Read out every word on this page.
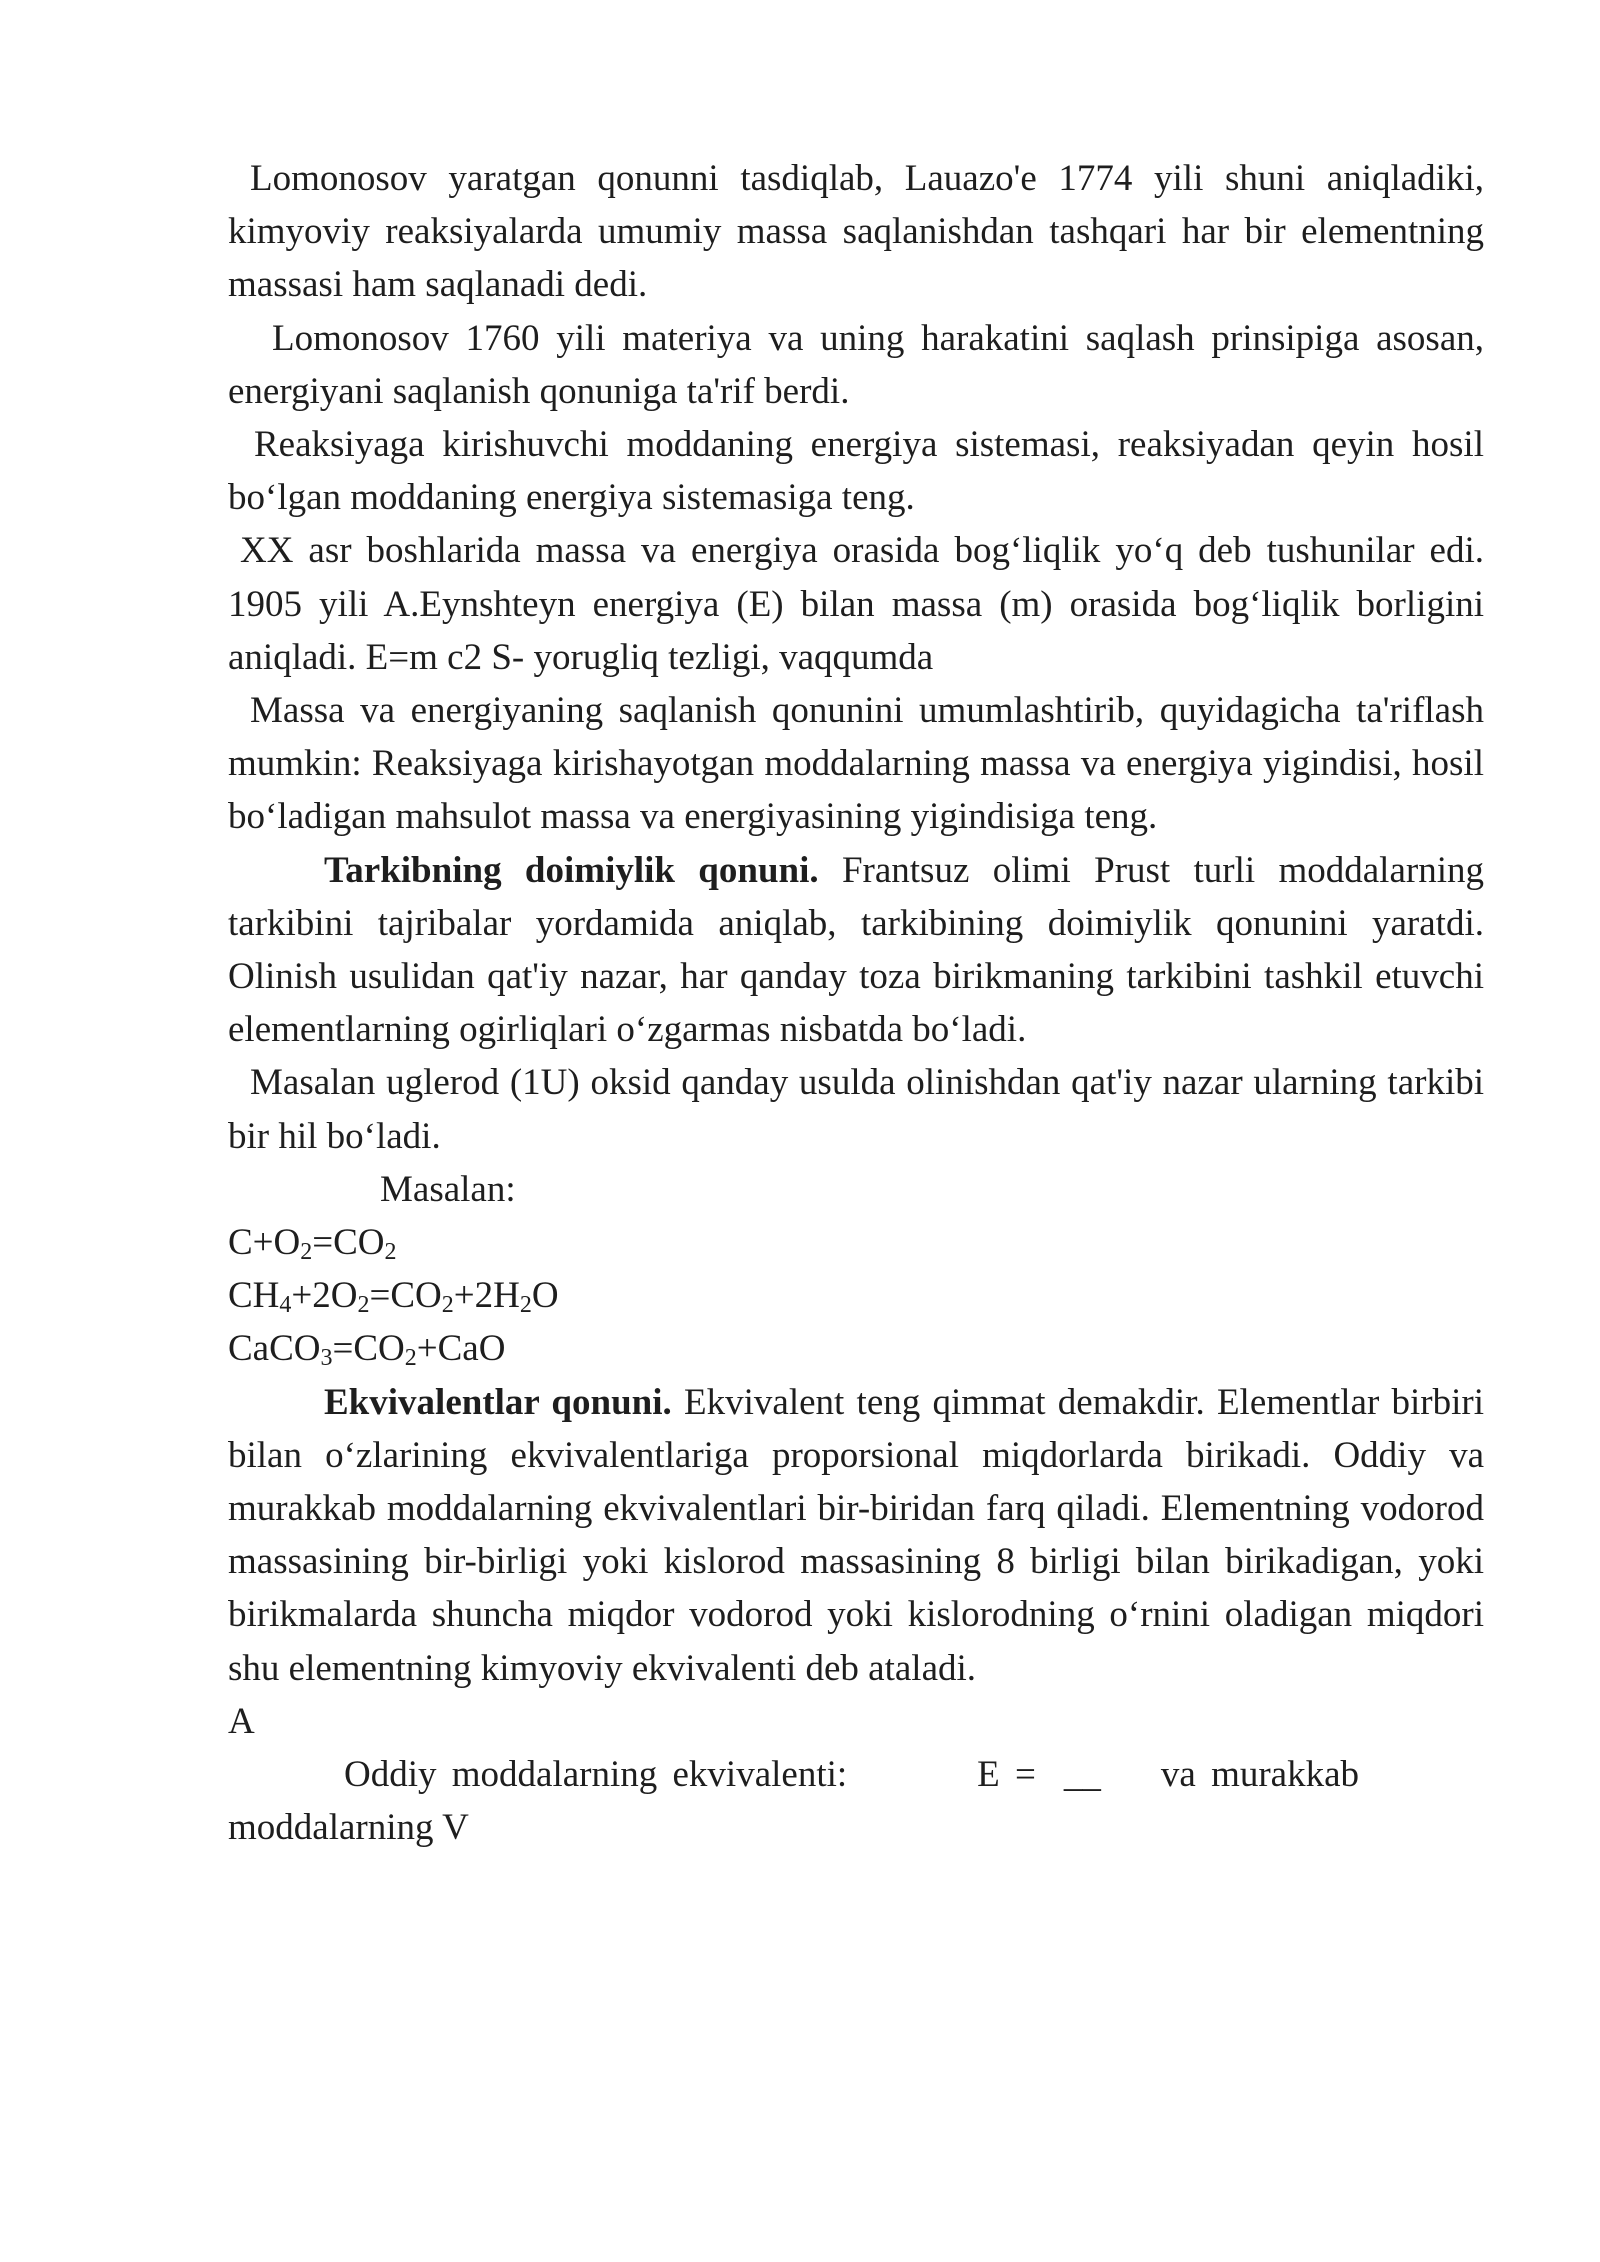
Lomonosov yaratgan qonunni tasdiqlab, Lauazo'e 1774 yili shuni aniqladiki, kimyoviy reaksiyalarda umumiy massa saqlanishdan tashqari har bir elementning massasi ham saqlanadi dedi.

Lomonosov 1760 yili materiya va uning harakatini saqlash prinsipiga asosan, energiyani saqlanish qonuniga ta'rif berdi.

Reaksiyaga kirishuvchi moddaning energiya sistemasi, reaksiyadan qeyin hosil boʻlgan moddaning energiya sistemasiga teng.

XX asr boshlarida massa va energiya orasida bogʻliqlik yoʻq deb tushunilar edi. 1905 yili A.Eynshteyn energiya (E) bilan massa (m) orasida bogʻliqlik borligini aniqladi. E=m c2 S- yorugliq tezligi, vaqqumda

Massa va energiyaning saqlanish qonunini umumlashtirib, quyidagicha ta'riflash mumkin: Reaksiyaga kirishayotgan moddalarning massa va energiya yigindisi, hosil boʻladigan mahsulot massa va energiyasining yigindisiga teng.

Tarkibning doimiylik qonuni. Frantsuz olimi Prust turli moddalarning tarkibini tajribalar yordamida aniqlab, tarkibining doimiylik qonunini yaratdi. Olinish usulidan qat'iy nazar, har qanday toza birikmaning tarkibini tashkil etuvchi elementlarning ogirliqlari oʻzgarmas nisbatda boʻladi.

Masalan uglerod (1U) oksid qanday usulda olinishdan qat'iy nazar ularning tarkibi bir hil boʻladi.

Masalan:

$C+O_2=CO_2$

$CH_4+2O_2=CO_2+2H_2O$

$CaCO_3=CO_2+CaO$

Ekvivalentlar qonuni. Ekvivalent teng qimmat demakdir. Elementlar birbiri bilan oʻzlarining ekvivalentlariga proporsional miqdorlarda birikadi. Oddiy va murakkab moddalarning ekvivalentlari bir-biridan farq qiladi. Elementning vodorod massasining bir-birligi yoki kislorod massasining 8 birligi bilan birikadigan, yoki birikmalarda shuncha miqdor vodorod yoki kislorodning oʻrnini oladigan miqdori shu elementning kimyoviy ekvivalenti deb ataladi.

A

Oddiy moddalarning ekvivalenti:	E = __ va murakkab

moddalarning V
